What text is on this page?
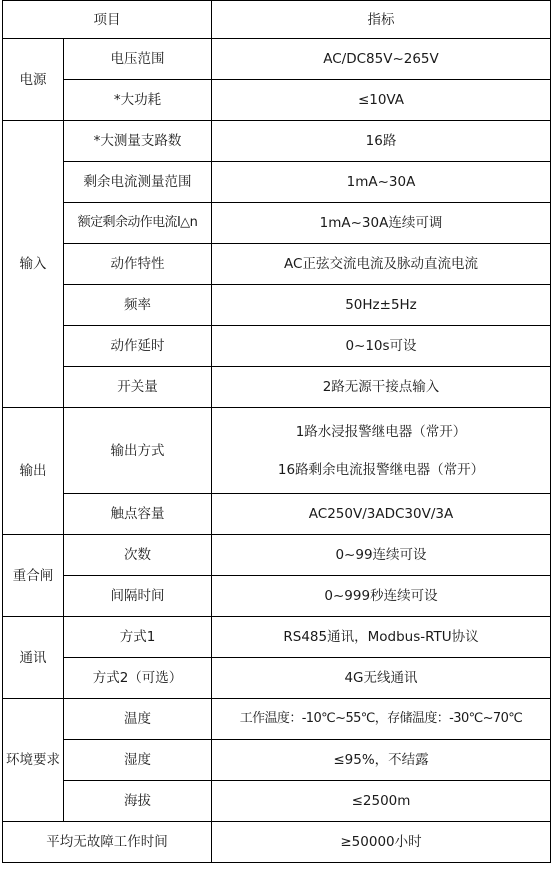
项目		指标
电源	电压范围	AC/DC85V~265V
	*大功耗	≤10VA
输入	*大测量支路数	16路
	剩余电流测量范围	1mA~30A
	额定剩余动作电流I△n	1mA~30A连续可调
	动作特性	AC正弦交流电流及脉动直流电流
	频率	50Hz±5Hz
	动作延时	0~10s可设
	开关量	2路无源干接点输入
输出	输出方式	1路水浸报警继电器（常开）
16路剩余电流报警继电器（常开）

	触点容量	AC250V/3ADC30V/3A
重合闸	次数	0~99连续可设
	间隔时间	0~999秒连续可设
通讯	方式1	RS485通讯，Modbus-RTU协议
	方式2（可选）	4G无线通讯
环境要求	温度	工作温度：-10℃~55℃，存储温度：-30℃~70℃
	湿度	≤95%，不结露
	海拔	≤2500m
平均无故障工作时间		≥50000小时
